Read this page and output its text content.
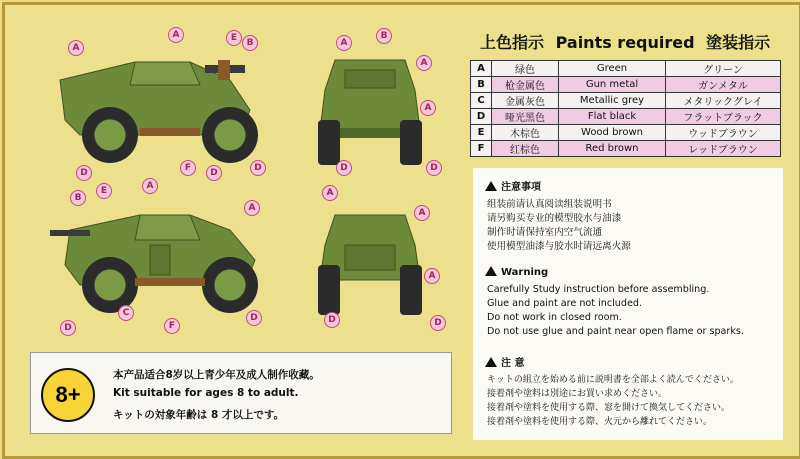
A
A	E	B
D	F	D	D
A
B
A
A
D	D
B
E	A
A
C
F
D
D
A
A
A
D	D
上色指示 Paints required 塗装指示
A	绿色	Green	グリーン
B	枪金属色	Gun metal	ガンメタル
C	金属灰色	Metallic grey	メタリックグレイ
D	哑光黑色	Flat black	フラットブラック
E	木棕色	Wood brown	ウッドブラウン
F	红棕色	Red brown	レッドブラウン
注意事項
组装前请认真阅读组装说明书
请另购买专业的模型胶水与油漆
制作时请保持室内空气流通
使用模型油漆与胶水时请远离火源
Warning
Carefully Study instruction before assembling.
Glue and paint are not included.
Do not work in closed room.
Do not use glue and paint near open flame or sparks.
注 意
キットの組立を始める前に説明書を全部よく読んでください。
接着剤や塗料は別途にお買い求めください。
接着剤や塗料を使用する際、窓を開けて換気してください。
接着剤や塗料を使用する際、火元から離れてください。
8+
本产品适合8岁以上青少年及成人制作收藏。
Kit suitable for ages 8 to adult.
キットの対象年齢は 8 才以上です。
